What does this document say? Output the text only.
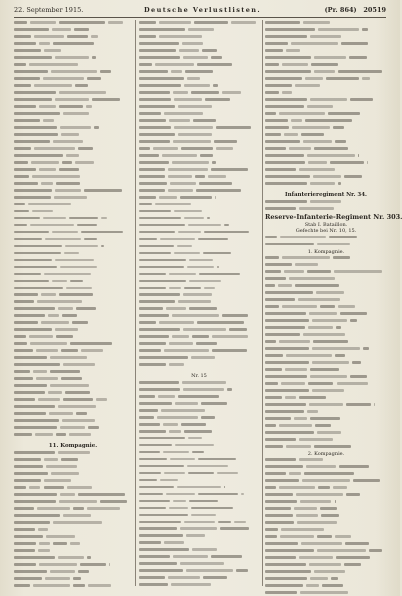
22. September 1915.	Deutsche Verlustlisten.	(Pr. 864) 20519
11. Kompagnie.
Nr. 15
Infanterieregiment Nr. 34.
Reserve-Infanterie-Regiment Nr. 303.
Stab I. Bataillon.
Gefechte bei Nr. 10, 15.
1. Kompagnie.
2. Kompagnie.
